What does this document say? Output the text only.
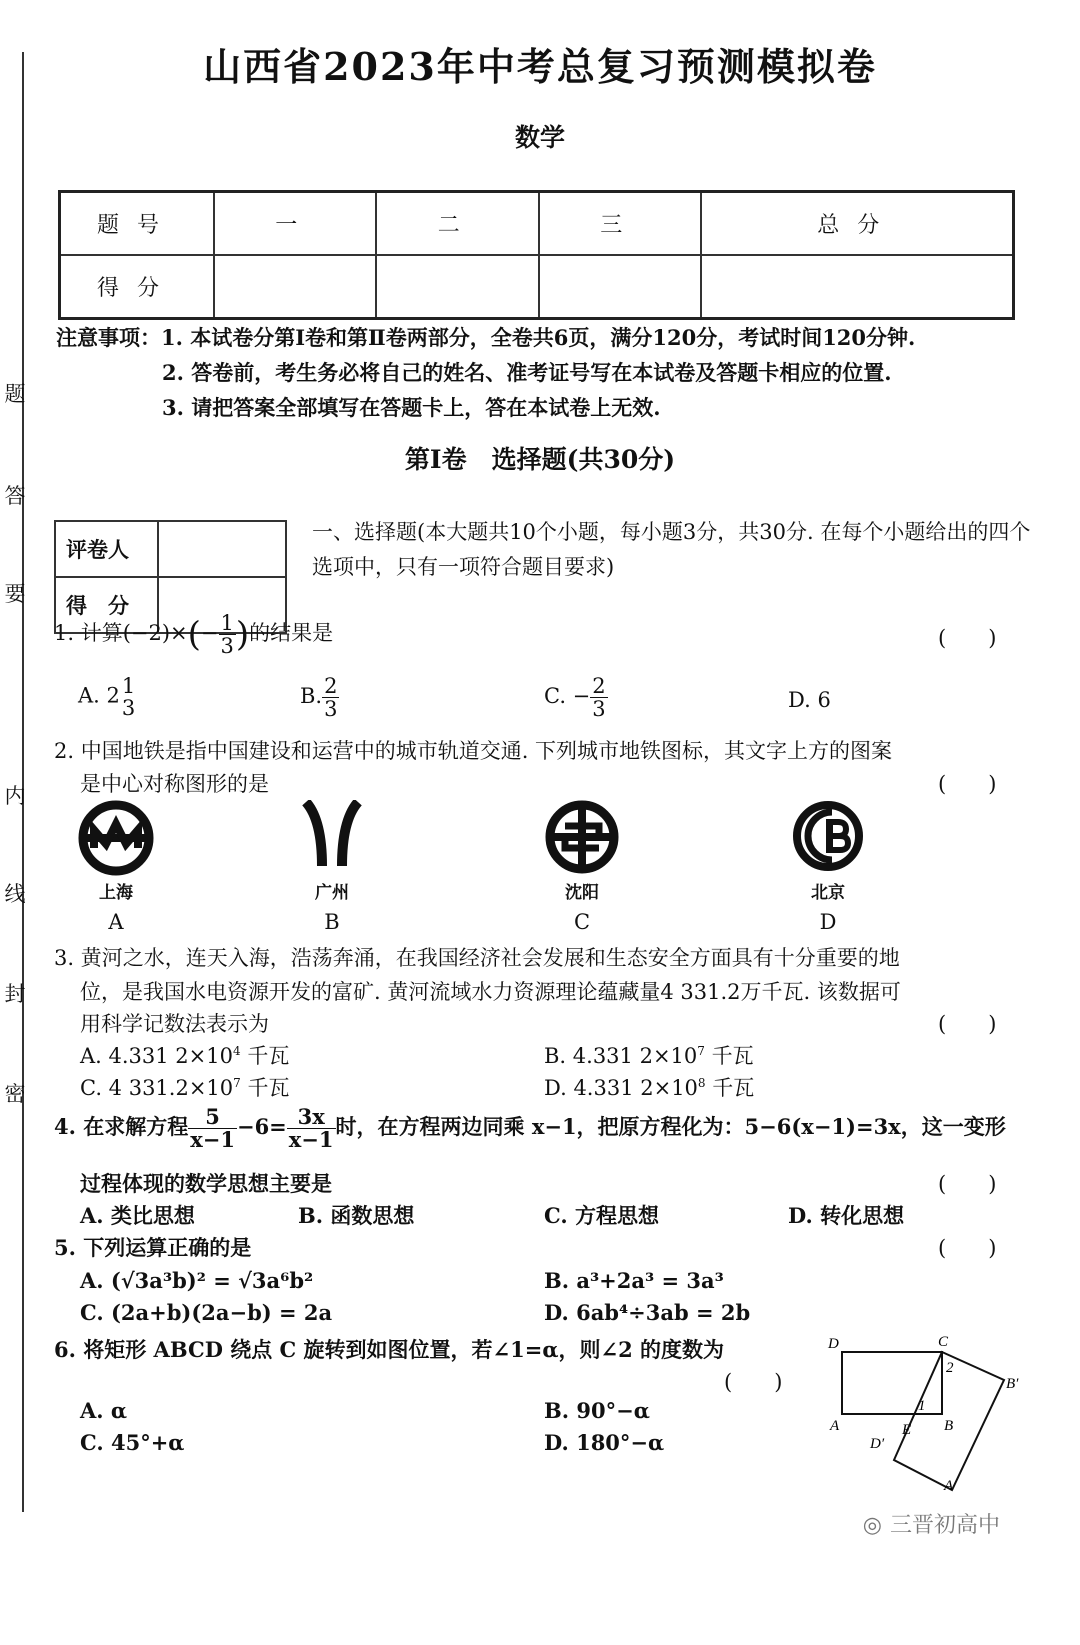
题
答
要
内
线
封
密
山西省2023年中考总复习预测模拟卷
数学
题号	一	二	三	总分
得分				
注意事项：1. 本试卷分第Ⅰ卷和第Ⅱ卷两部分，全卷共6页，满分120分，考试时间120分钟.
2. 答卷前，考生务必将自己的姓名、准考证号写在本试卷及答题卡相应的位置.
3. 请把答案全部填写在答题卡上，答在本试卷上无效.
第Ⅰ卷　选择题(共30分)
评卷人	
得　分	
一、选择题(本大题共10个小题，每小题3分，共30分. 在每个小题给出的四个选项中，只有一项符合题目要求)
1. 计算$(-2)\times(- \frac{1}{3}$ )的结果是	(　　)
A. 2 1
3	B. $\frac{2}{3}$	C. − $\frac{2}{3}$	D. 6
2. 中国地铁是指中国建设和运营中的城市轨道交通. 下列城市地铁图标，其文字上方的图案
是中心对称图形的是	(　　)
上海
A
广州
B
沈阳
C
北京
D
3. 黄河之水，连天入海，浩荡奔涌，在我国经济社会发展和生态安全方面具有十分重要的地
位，是我国水电资源开发的富矿. 黄河流域水力资源理论蕴藏量4 331.2万千瓦. 该数据可
用科学记数法表示为	(　　)
A. 4.331 $2\times 10^4$ 千瓦	B. 4.331 $2\times 10^7$ 千瓦
C. 4 $331.2\times 10^7$ 千瓦	D. 4.331 $2\times 10^8$ 千瓦
4. 在求解方程 $\frac{5}{x-1} -6= \frac{3x}{x-1}$ 时，在方程两边同乘 x−1，把原方程化为：5−6(x−1)=3x，这一变形
过程体现的数学思想主要是	(　　)
A. 类比思想	B. 函数思想	C. 方程思想	D. 转化思想
5. 下列运算正确的是	(　　)
A. (√3a³b)² = √3a⁶b²	B. a³+2a³ = 3a³
C. (2a+b)(2a−b) = 2a	D. 6ab⁴÷3ab = 2b
6. 将矩形 ABCD 绕点 C 旋转到如图位置，若∠1=α，则∠2 的度数为
(　　)
A. α	B. 90°−α
C. 45°+α	D. 180°−α
D	C
2
B′
1
A	B
E
D′
A
◎ 三晋初高中
